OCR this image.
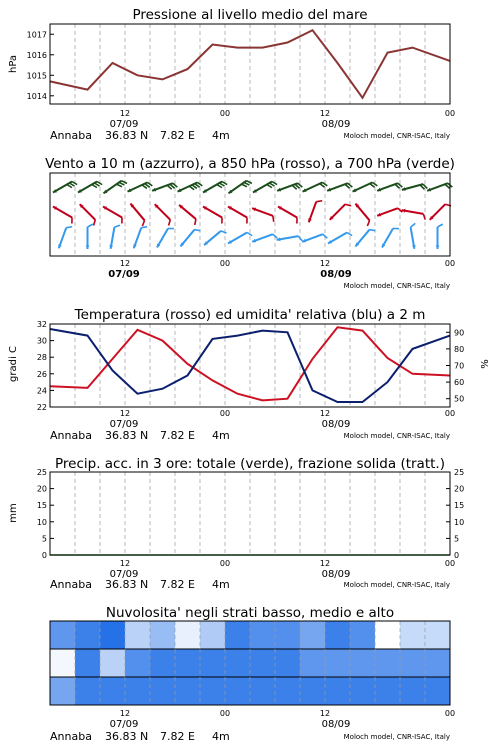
Pressione al livello medio del mare
hPa
1014
1015
1016
1017
12	00	12	00
07/09	08/09
Annaba 36.83 N 7.82 E 4m	Moloch model, CNR-ISAC, Italy
Vento a 10 m (azzurro), a 850 hPa (rosso), a 700 hPa (verde)
12	00	12	00
07/09	08/09
Moloch model, CNR-ISAC, Italy
Temperatura (rosso) ed umidita' relativa (blu) a 2 m
gradi C	%
22
24
26
28
30
32
50
60
70
80
90
12	00	12	00
07/09	08/09
Annaba 36.83 N 7.82 E 4m	Moloch model, CNR-ISAC, Italy
Precip. acc. in 3 ore: totale (verde), frazione solida (tratt.)
mm
0
5
10
15
20
25
0
5
10
15
20
25
12	00	12	00
07/09	08/09
Annaba 36.83 N 7.82 E 4m	Moloch model, CNR-ISAC, Italy
Nuvolosita' negli strati basso, medio e alto
12	00	12	00
07/09	08/09
Annaba 36.83 N 7.82 E 4m	Moloch model, CNR-ISAC, Italy
